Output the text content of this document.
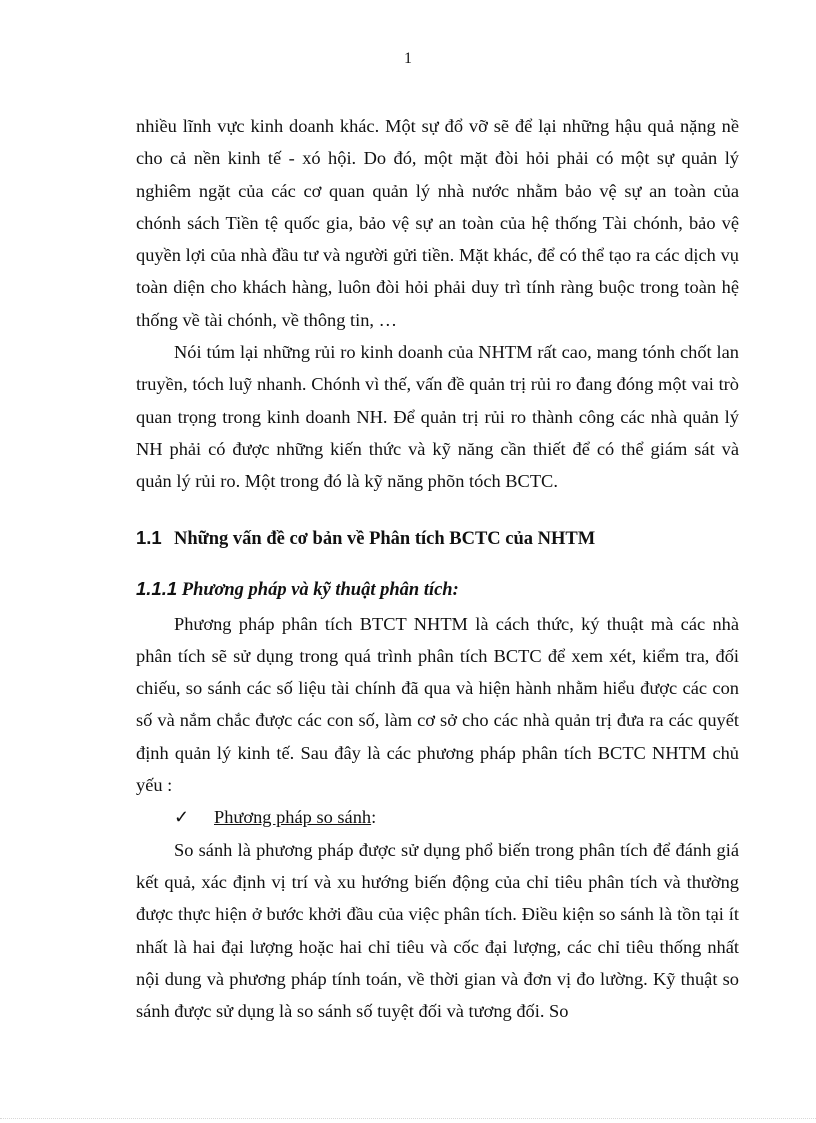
1

nhiều lĩnh vực kinh doanh khác. Một sự đổ vỡ sẽ để lại những hậu quả nặng nề cho cả nền kinh tế - xó hội. Do đó, một mặt đòi hỏi phải có một sự quản lý nghiêm ngặt của các cơ quan quản lý nhà nước nhằm bảo vệ sự an toàn của chónh sách Tiền tệ quốc gia, bảo vệ sự an toàn của hệ thống Tài chónh, bảo vệ quyền lợi của nhà đầu tư và người gửi tiền. Mặt khác, để có thể tạo ra các dịch vụ toàn diện cho khách hàng, luôn đòi hỏi phải duy trì tính ràng buộc trong toàn hệ thống về tài chónh, về thông tin, …

Nói túm lại những rủi ro kinh doanh của NHTM rất cao, mang tónh chốt lan truyền, tóch luỹ nhanh. Chónh vì thế, vấn đề quản trị rủi ro đang đóng một vai trò quan trọng trong kinh doanh NH. Để quản trị rủi ro thành công các nhà quản lý NH phải có được những kiến thức và kỹ năng cần thiết để có thể giám sát và quản lý rủi ro. Một trong đó là kỹ năng phõn tóch BCTC.

1.1 Những vấn đề cơ bản về Phân tích BCTC của NHTM
1.1.1 Phương pháp và kỹ thuật phân tích:

Phương pháp phân tích BTCT NHTM là cách thức, ký thuật mà các nhà phân tích sẽ sử dụng trong quá trình phân tích BCTC để xem xét, kiểm tra, đối chiếu, so sánh các số liệu tài chính đã qua và hiện hành nhằm hiểu được các con số và nắm chắc được các con số, làm cơ sở cho các nhà quản trị đưa ra các quyết định quản lý kinh tế. Sau đây là các phương pháp phân tích BCTC NHTM chủ yếu :

✓ Phương pháp so sánh:

So sánh là phương pháp được sử dụng phổ biến trong phân tích để đánh giá kết quả, xác định vị trí và xu hướng biến động của chỉ tiêu phân tích và thường được thực hiện ở bước khởi đầu của việc phân tích. Điều kiện so sánh là tồn tại ít nhất là hai đại lượng hoặc hai chỉ tiêu và cốc đại lượng, các chỉ tiêu thống nhất nội dung và phương pháp tính toán, về thời gian và đơn vị đo lường. Kỹ thuật so sánh được sử dụng là so sánh số tuyệt đối và tương đối. So
